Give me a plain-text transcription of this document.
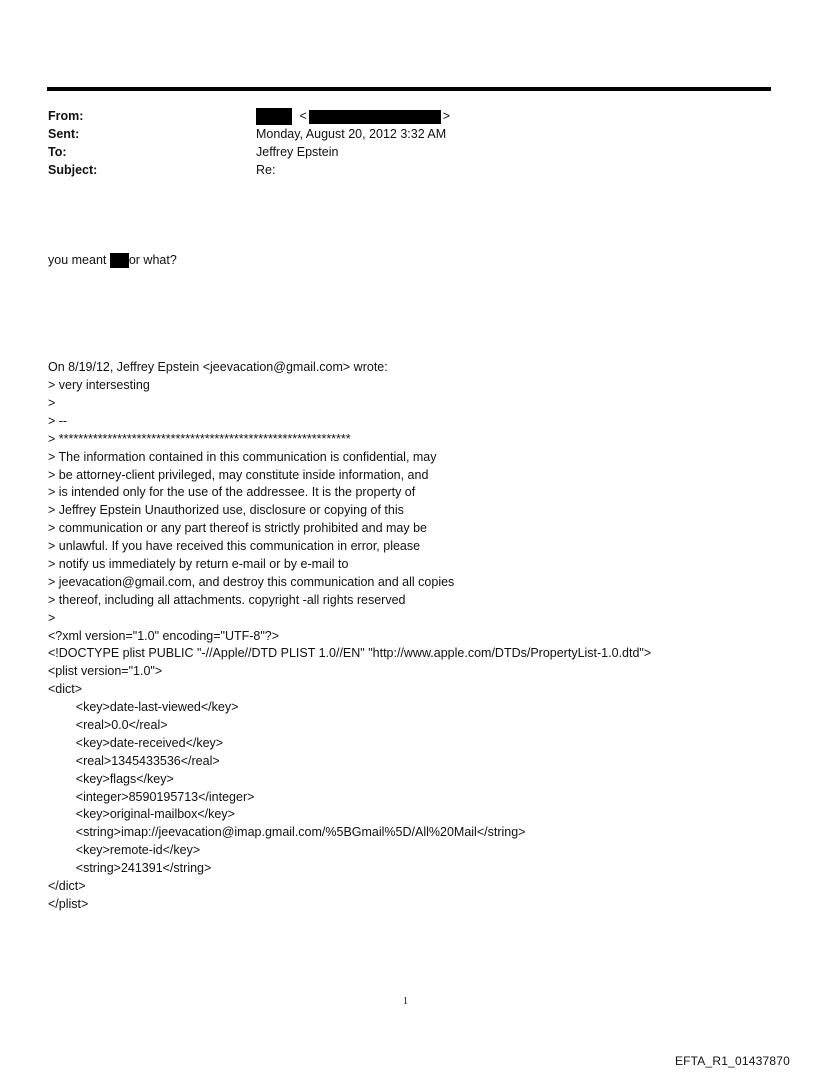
From:	<	>
Sent:	Monday, August 20, 2012 3:32 AM
To:	Jeffrey Epstein
Subject:	Re:

you meant or what?

On 8/19/12, Jeffrey Epstein <jeevacation@gmail.com> wrote:
> very intersesting
>
> --
> ************************************************************
> The information contained in this communication is confidential, may
> be attorney-client privileged, may constitute inside information, and
> is intended only for the use of the addressee. It is the property of
> Jeffrey Epstein Unauthorized use, disclosure or copying of this
> communication or any part thereof is strictly prohibited and may be
> unlawful. If you have received this communication in error, please
> notify us immediately by return e-mail or by e-mail to
> jeevacation@gmail.com, and destroy this communication and all copies
> thereof, including all attachments. copyright -all rights reserved
>
<?xml version="1.0" encoding="UTF-8"?>
<!DOCTYPE plist PUBLIC "-//Apple//DTD PLIST 1.0//EN" "http://www.apple.com/DTDs/PropertyList-1.0.dtd">
<plist version="1.0">
<dict>
<key>date-last-viewed</key>
<real>0.0</real>
<key>date-received</key>
<real>1345433536</real>
<key>flags</key>
<integer>8590195713</integer>
<key>original-mailbox</key>
<string>imap://jeevacation@imap.gmail.com/%5BGmail%5D/All%20Mail</string>
<key>remote-id</key>
<string>241391</string>
</dict>
</plist>

1
EFTA_R1_01437870
